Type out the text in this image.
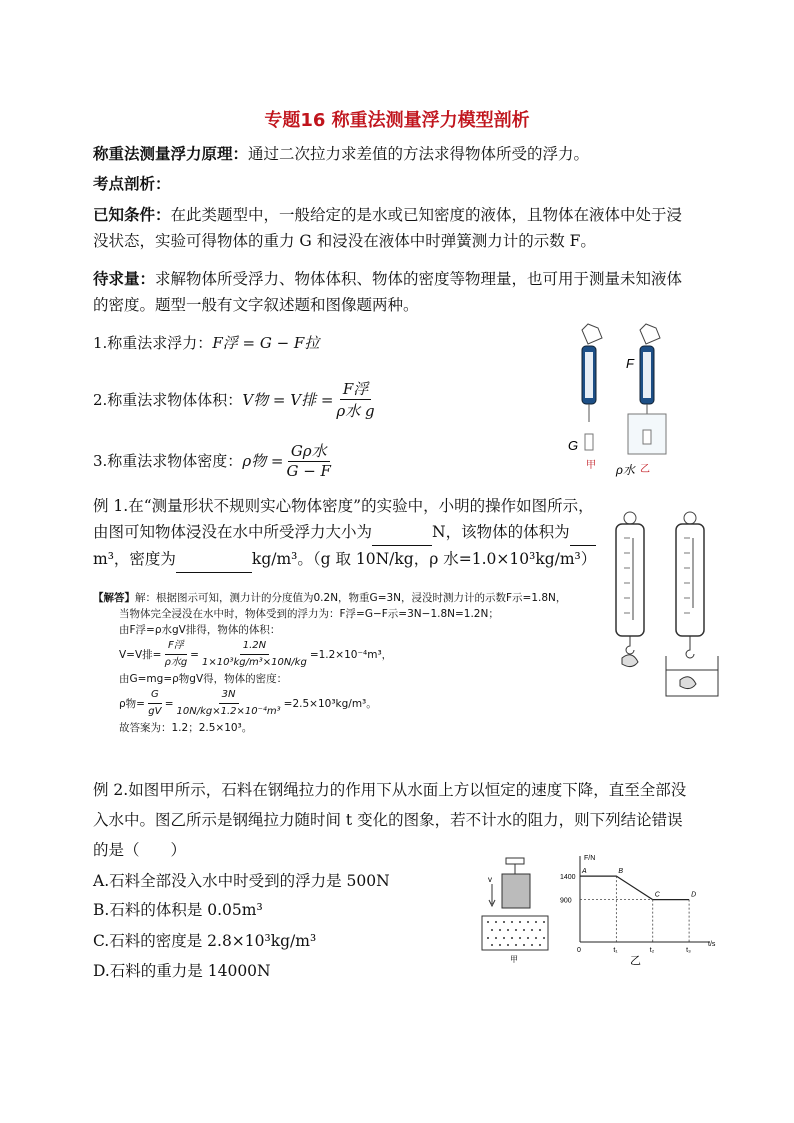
专题16 称重法测量浮力模型剖析
称重法测量浮力原理：通过二次拉力求差值的方法求得物体所受的浮力。
考点剖析：
已知条件：在此类题型中，一般给定的是水或已知密度的液体，且物体在液体中处于浸
没状态，实验可得物体的重力 G 和浸没在液体中时弹簧测力计的示数 F。
待求量：求解物体所受浮力、物体体积、物体的密度等物理量，也可用于测量未知液体
的密度。题型一般有文字叙述题和图像题两种。
1.称重法求浮力： F浮 = G − F拉
2.称重法求物体体积： V物 = V排 = $\frac{\text{F浮}}{\text{ρ水 g}}$
3.称重法求物体密度： ρ物 = $\frac{\text{Gρ水}}{G - F}$
F
G
甲	乙
ρ水
例 1.在“测量形状不规则实心物体密度”的实验中，小明的操作如图所示，
由图可知物体浸没在水中所受浮力大小为	N，该物体的体积为
m³，密度为	kg/m³。（g 取 10N/kg，ρ 水=1.0×10³kg/m³）
【解答】解：根据图示可知，测力计的分度值为0.2N，物重G=3N，浸没时测力计的示数F示=1.8N，
当物体完全浸没在水中时，物体受到的浮力为：F浮=G−F示=3N−1.8N=1.2N；
由F浮=ρ水gV排得，物体的体积：
V=V排= $\frac{\text{F浮}}{\text{ρ水g}} = \frac{1.2N}{\text{1×10³kg/m³×10N/kg}} =1.2\times 10^{-4}m^3$，
由G=mg=ρ物gV得，物体的密度：
ρ物= $\frac{G}{gV} = \frac{3N}{\text{10N/kg×1.2×10⁻⁴m³}} =2.5\times 10^3kg/m^3$。
故答案为：1.2；2.5×10³。
例 2.如图甲所示，石料在钢绳拉力的作用下从水面上方以恒定的速度下降，直至全部没
入水中。图乙所示是钢绳拉力随时间 t 变化的图象，若不计水的阻力，则下列结论错误
的是（　　）
A.石料全部没入水中时受到的浮力是 500N
B.石料的体积是 0.05m³
C.石料的密度是 2.8×10³kg/m³
D.石料的重力是 14000N
v
甲
A	B
C	D
0	t₁	t₂	t₃
900
1400
F/N
t/s
乙
